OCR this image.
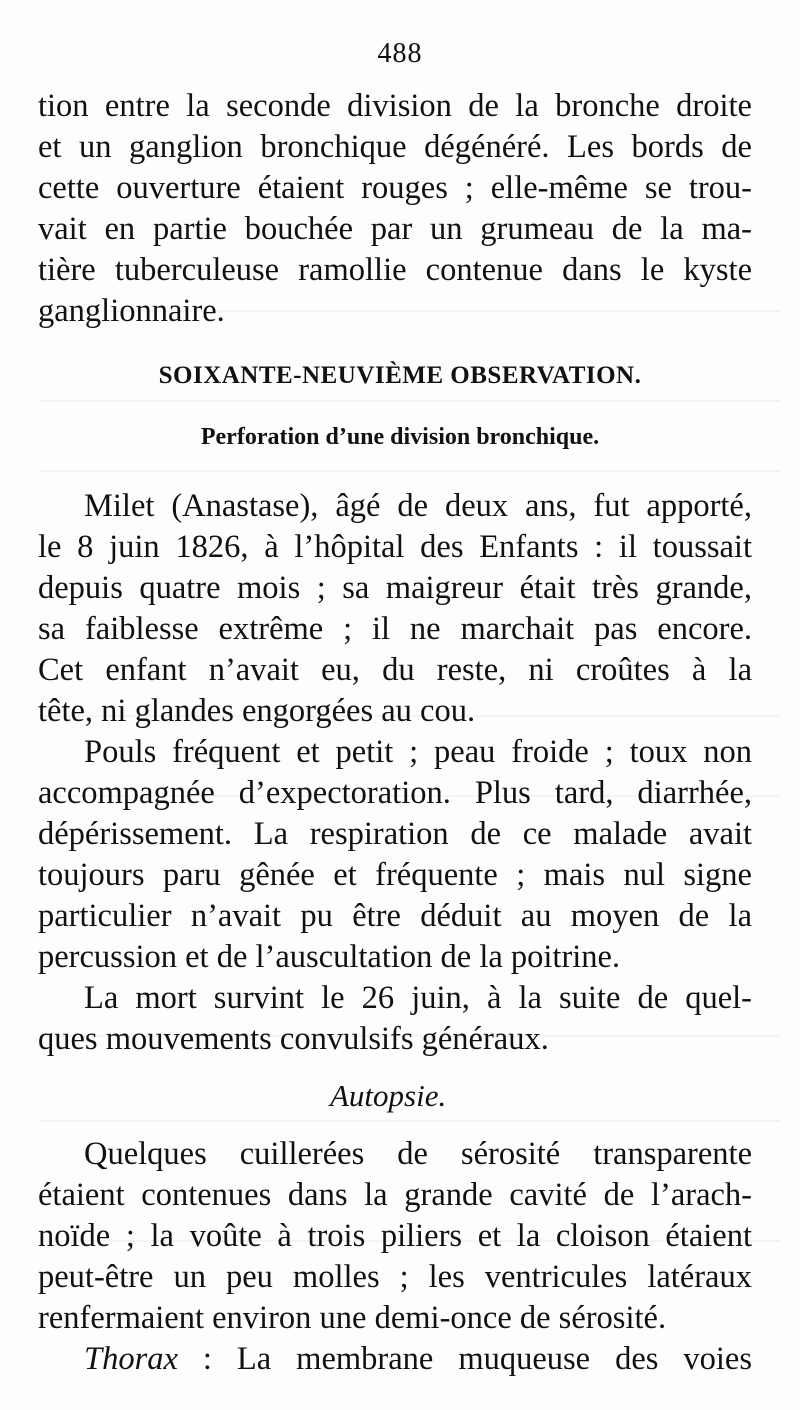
488
tion entre la seconde division de la bronche droite
et un ganglion bronchique dégénéré. Les bords de
cette ouverture étaient rouges ; elle-même se trou-
vait en partie bouchée par un grumeau de la ma-
tière tuberculeuse ramollie contenue dans le kyste
ganglionnaire.
SOIXANTE-NEUVIÈME OBSERVATION.
Perforation d’une division bronchique.
Milet (Anastase), âgé de deux ans, fut apporté,
le 8 juin 1826, à l’hôpital des Enfants : il toussait
depuis quatre mois ; sa maigreur était très grande,
sa faiblesse extrême ; il ne marchait pas encore.
Cet enfant n’avait eu, du reste, ni croûtes à la
tête, ni glandes engorgées au cou.
Pouls fréquent et petit ; peau froide ; toux non
accompagnée d’expectoration. Plus tard, diarrhée,
dépérissement. La respiration de ce malade avait
toujours paru gênée et fréquente ; mais nul signe
particulier n’avait pu être déduit au moyen de la
percussion et de l’auscultation de la poitrine.
La mort survint le 26 juin, à la suite de quel-
ques mouvements convulsifs généraux.
Autopsie.
Quelques cuillerées de sérosité transparente
étaient contenues dans la grande cavité de l’arach-
noïde ; la voûte à trois piliers et la cloison étaient
peut-être un peu molles ; les ventricules latéraux
renfermaient environ une demi-once de sérosité.
Thorax : La membrane muqueuse des voies
